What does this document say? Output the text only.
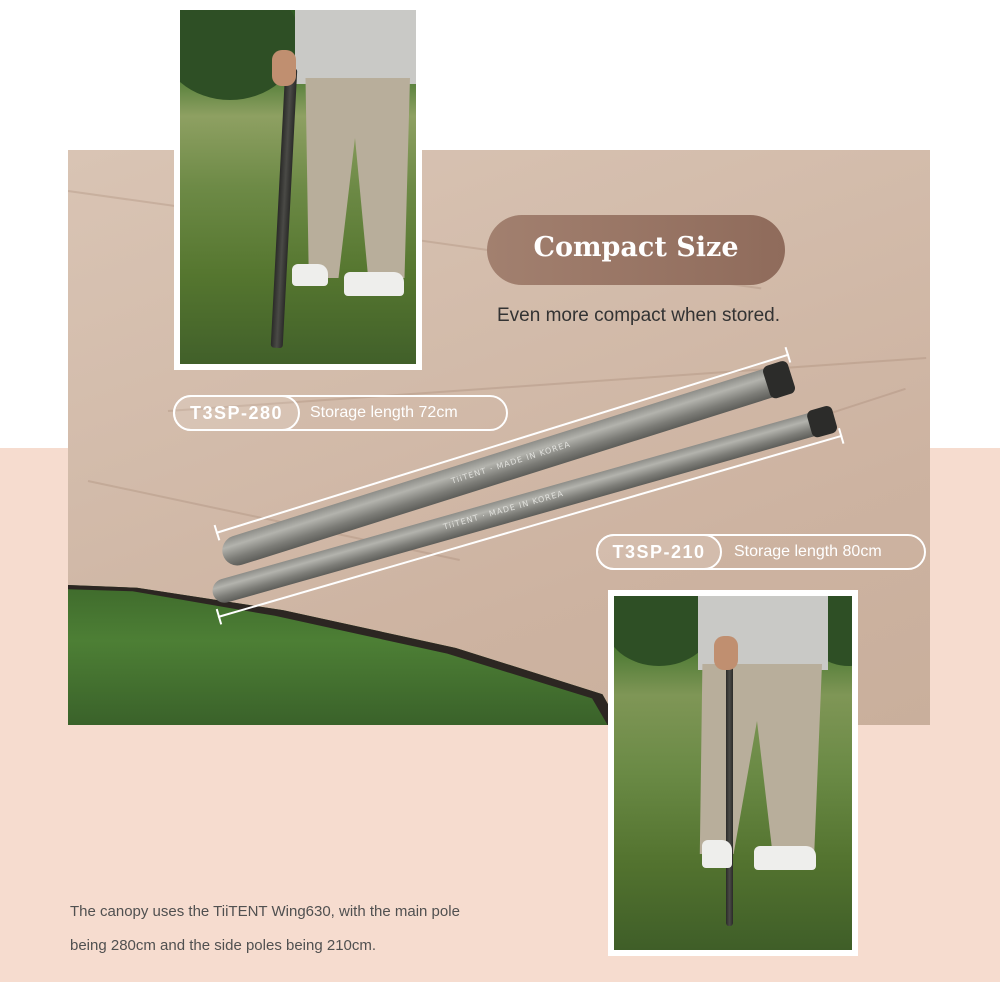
TiiTENT · MADE IN KOREA
TiiTENT · MADE IN KOREA
Compact Size
Even more compact when stored.
T3SP-280	Storage length 72cm
T3SP-210	Storage length 80cm
The canopy uses the TiiTENT Wing630, with the main pole
being 280cm and the side poles being 210cm.
